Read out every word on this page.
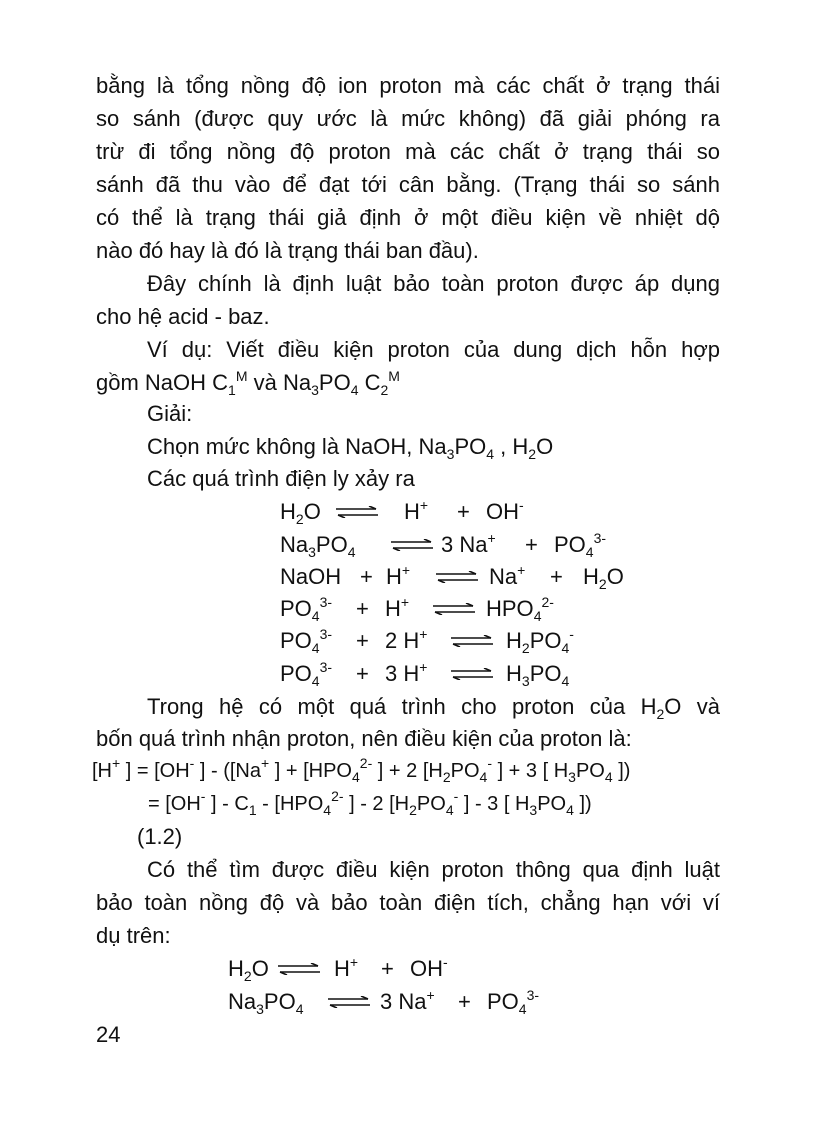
bằng là tổng nồng độ ion proton mà các chất ở trạng thái
so sánh (được quy ước là mức không) đã giải phóng ra
trừ đi tổng nồng độ proton mà các chất ở trạng thái so
sánh đã thu vào để đạt tới cân bằng. (Trạng thái so sánh
có thể là trạng thái giả định ở một điều kiện về nhiệt dộ
nào đó hay là đó là trạng thái ban đầu).
Đây chính là định luật bảo toàn proton được áp dụng
cho hệ acid - baz.
Ví dụ: Viết điều kiện proton của dung dịch hỗn hợp
gồm NaOH $C_1^M$ và $Na_3PO_4$ $C_2^M$
Giải:
Chọn mức không là NaOH, $Na_3PO_4$ , $H_2O$
Các quá trình điện ly xảy ra
$H_2O$ ⇌ H+ + OH-
$Na_3PO_4$ ⇌ 3 $Na^+ + PO_4^{3-}$
NaOH + H+ ⇌ $Na^+ + H_2O$
$PO_4^{3-} + H^+$ ⇌ $HPO_4^{2-}$
$PO_4^{3-} + 2$ H+ ⇌ $H_2PO_4^-$
$PO_4^{3-} + 3$ H+ ⇌ $H_3PO_4$
Trong hệ có một quá trình cho proton của $H_2O$ và
bốn quá trình nhận proton, nên điều kiện của proton là:
[H+ ] = [OH- ] - ([Na+ ] + [$HPO_4^{2-}$ ] + 2 [$H_2PO_4^-$ ] + 3 [ $H_3PO_4$ ])
= [OH- ] - $C_1 - [HPO_4^{2-}$ ] - 2 [$H_2PO_4^-$ ] - 3 [ $H_3PO_4$ ])
(1.2)
Có thể tìm được điều kiện proton thông qua định luật
bảo toàn nồng độ và bảo toàn điện tích, chẳng hạn với ví
dụ trên:
$H_2O$ ⇌ H+ + OH-
$Na_3PO_4$ ⇌ 3 $Na^+ + PO_4^{3-}$
24
